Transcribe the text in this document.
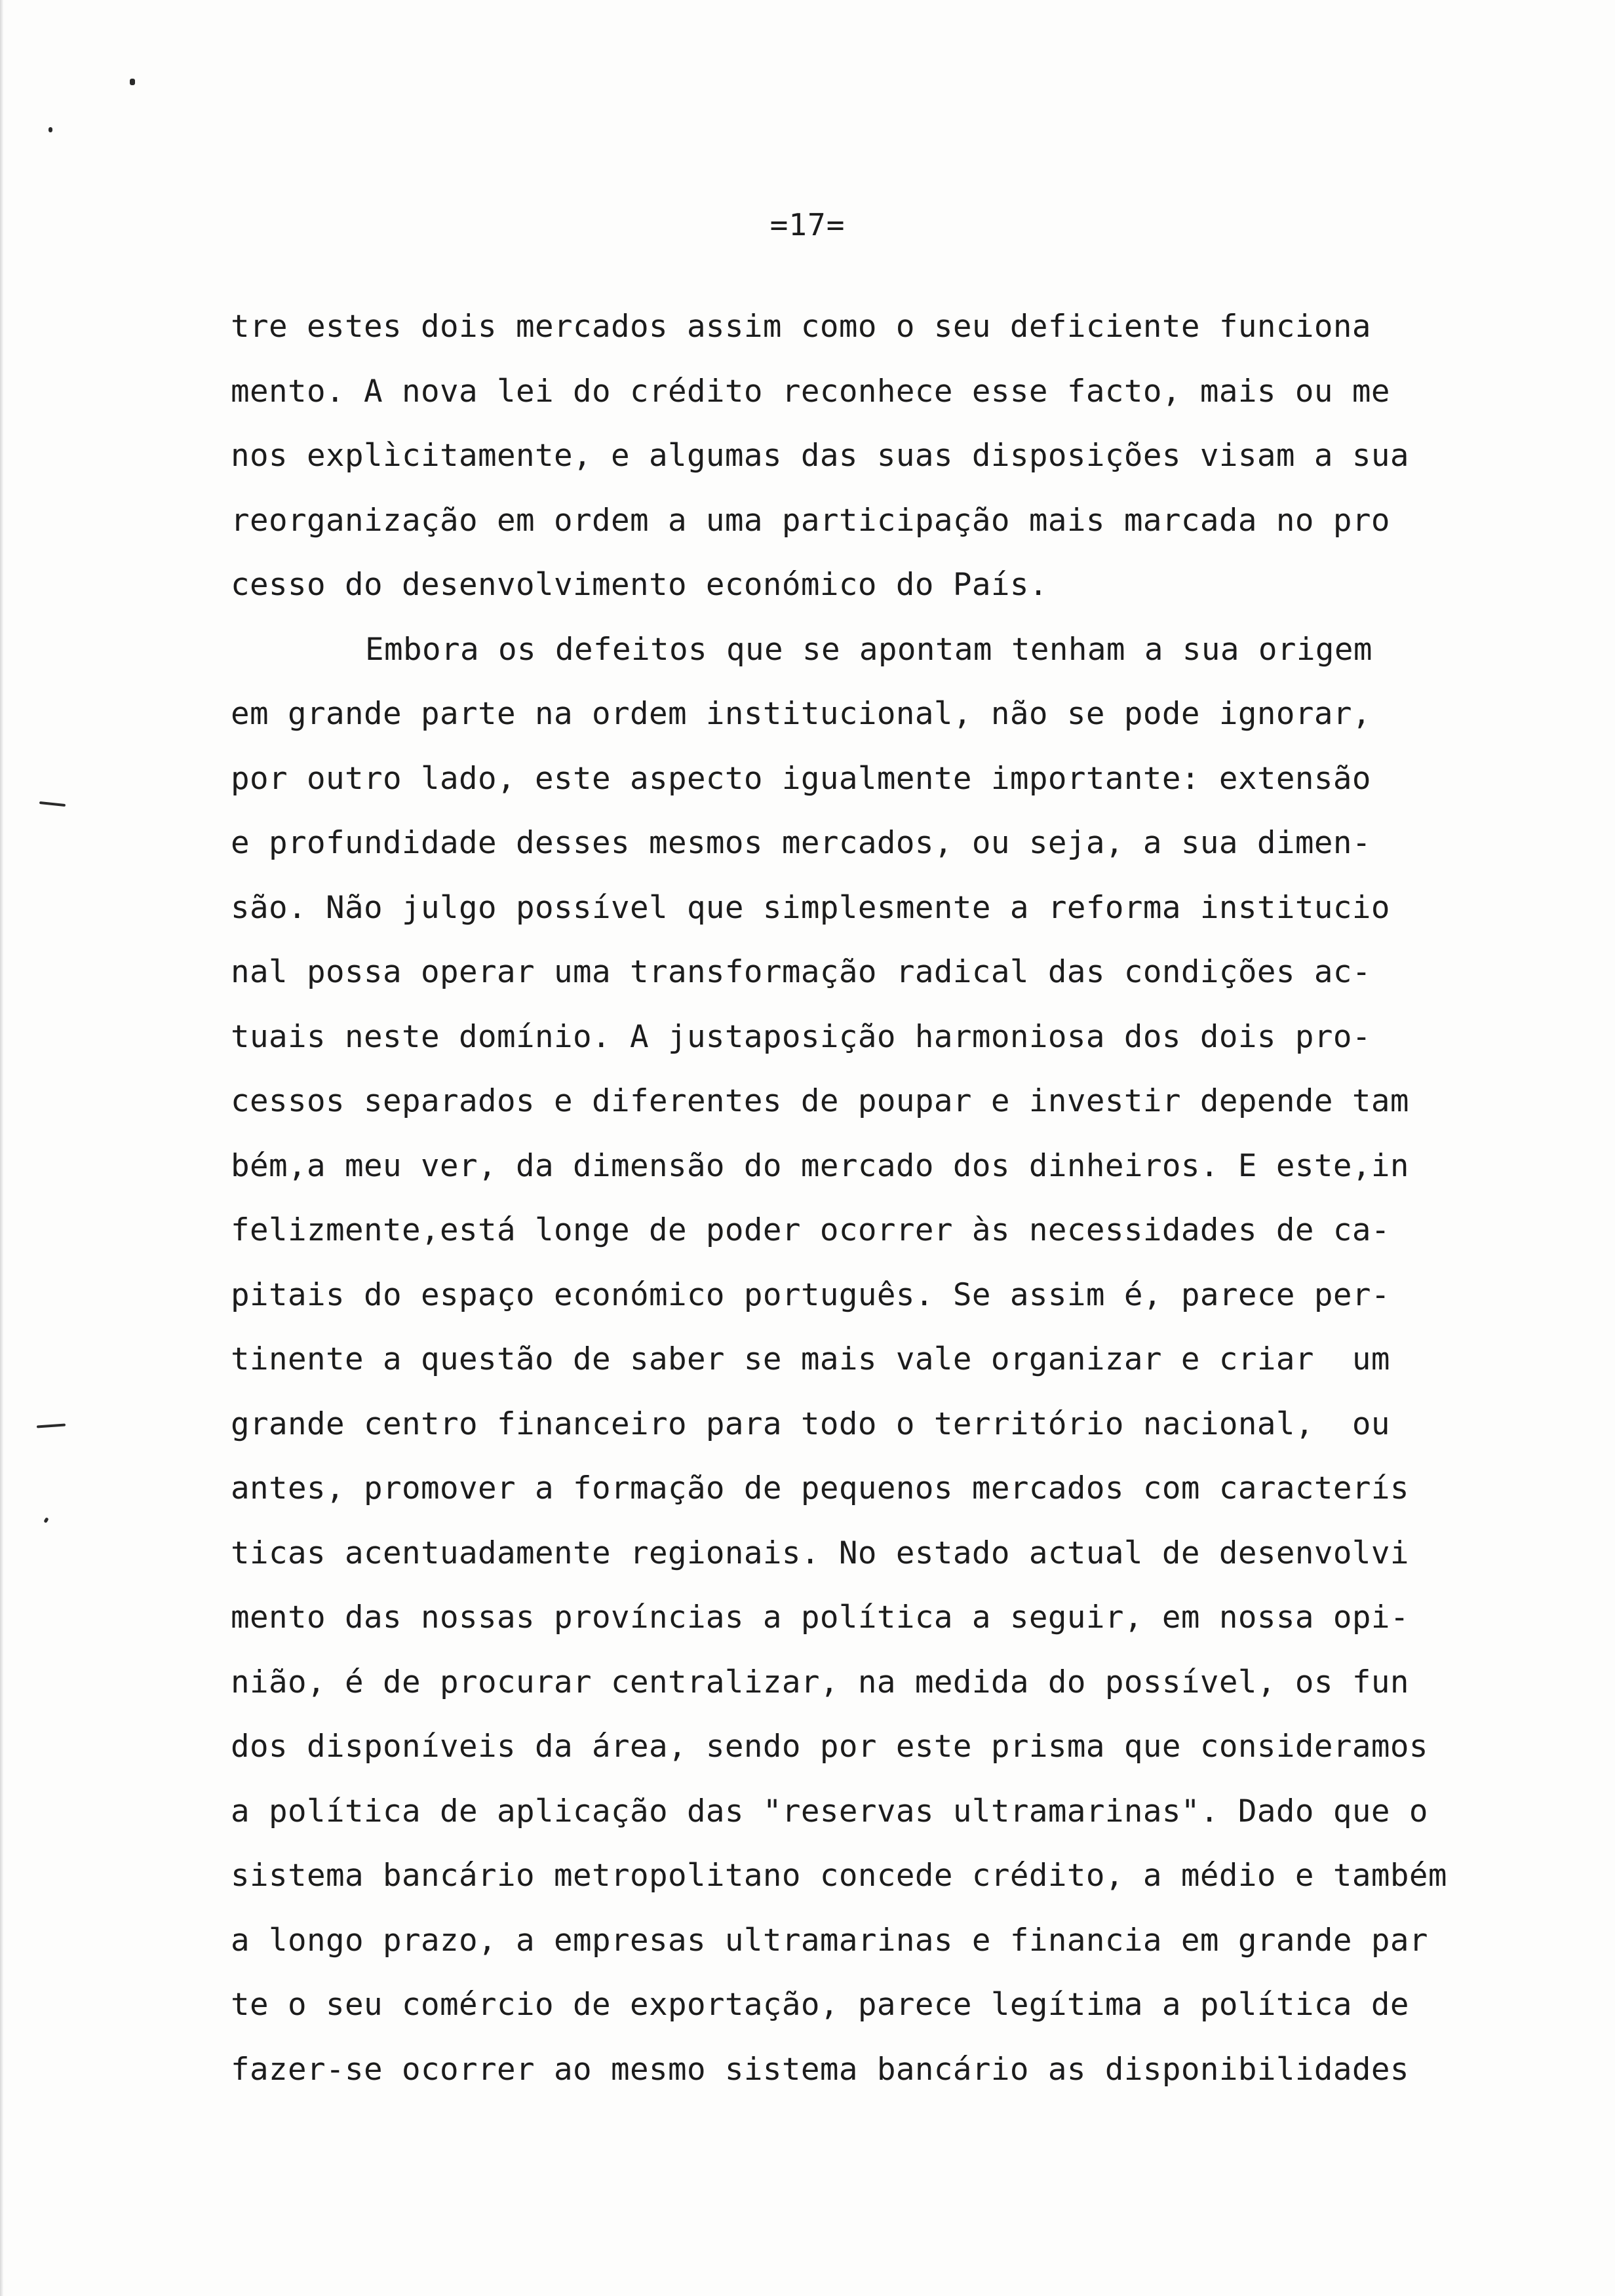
=17=
tre estes dois mercados assim como o seu deficiente funciona
mento. A nova lei do crédito reconhece esse facto, mais ou me
nos explìcitamente, e algumas das suas disposições visam a sua
reorganização em ordem a uma participação mais marcada no pro
cesso do desenvolvimento económico do País.
Embora os defeitos que se apontam tenham a sua origem
em grande parte na ordem institucional, não se pode ignorar,
por outro lado, este aspecto igualmente importante: extensão
e profundidade desses mesmos mercados, ou seja, a sua dimen-
são. Não julgo possível que simplesmente a reforma institucio
nal possa operar uma transformação radical das condições ac-
tuais neste domínio. A justaposição harmoniosa dos dois pro-
cessos separados e diferentes de poupar e investir depende tam
bém,a meu ver, da dimensão do mercado dos dinheiros. E este,in
felizmente,está longe de poder ocorrer às necessidades de ca-
pitais do espaço económico português. Se assim é, parece per-
tinente a questão de saber se mais vale organizar e criar  um
grande centro financeiro para todo o território nacional,  ou
antes, promover a formação de pequenos mercados com caracterís
ticas acentuadamente regionais. No estado actual de desenvolvi
mento das nossas províncias a política a seguir, em nossa opi-
nião, é de procurar centralizar, na medida do possível, os fun
dos disponíveis da área, sendo por este prisma que consideramos
a política de aplicação das "reservas ultramarinas". Dado que o
sistema bancário metropolitano concede crédito, a médio e também
a longo prazo, a empresas ultramarinas e financia em grande par
te o seu comércio de exportação, parece legítima a política de
fazer-se ocorrer ao mesmo sistema bancário as disponibilidades
